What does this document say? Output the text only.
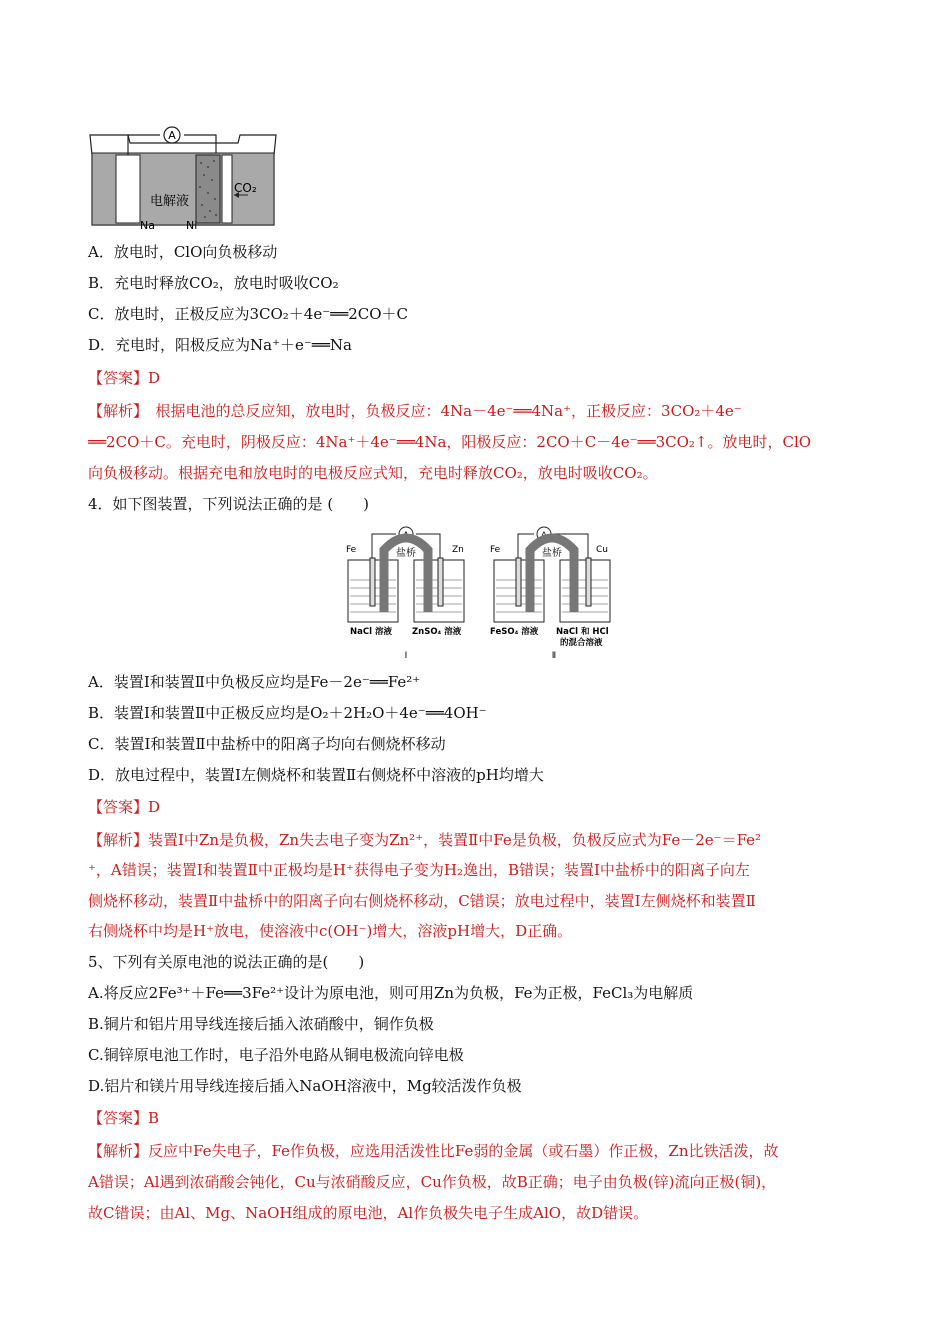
A
CO₂
电解液
Na	Ni
A．放电时，ClO向负极移动
B．充电时释放CO₂，放电时吸收CO₂
C．放电时，正极反应为3CO₂＋4e⁻══2CO＋C
D．充电时，阳极反应为Na⁺＋e⁻══Na
【答案】D
【解析】　根据电池的总反应知，放电时，负极反应：4Na－4e⁻══4Na⁺，正极反应：3CO₂＋4e⁻
══2CO＋C。充电时，阴极反应：4Na⁺＋4e⁻══4Na，阳极反应：2CO＋C－4e⁻══3CO₂↑。放电时，ClO
向负极移动。根据充电和放电时的电极反应式知，充电时释放CO₂，放电时吸收CO₂。
4．如下图装置，下列说法正确的是 (　　)
A
盐桥
Fe	Zn
NaCl 溶液 ZnSO₄ 溶液
Ⅰ
A
盐桥
Fe	Cu
FeSO₄ 溶液 NaCl 和 HCl
的混合溶液
Ⅱ
A．装置Ⅰ和装置Ⅱ中负极反应均是Fe－2e⁻══Fe²⁺
B．装置Ⅰ和装置Ⅱ中正极反应均是O₂＋2H₂O＋4e⁻══4OH⁻
C．装置Ⅰ和装置Ⅱ中盐桥中的阳离子均向右侧烧杯移动
D．放电过程中，装置Ⅰ左侧烧杯和装置Ⅱ右侧烧杯中溶液的pH均增大
【答案】D
【解析】装置Ⅰ中Zn是负极，Zn失去电子变为Zn²⁺，装置Ⅱ中Fe是负极，负极反应式为Fe－2e⁻＝Fe²
⁺，A错误；装置Ⅰ和装置Ⅱ中正极均是H⁺获得电子变为H₂逸出，B错误；装置Ⅰ中盐桥中的阳离子向左
侧烧杯移动，装置Ⅱ中盐桥中的阳离子向右侧烧杯移动，C错误；放电过程中，装置Ⅰ左侧烧杯和装置Ⅱ
右侧烧杯中均是H⁺放电，使溶液中c(OH⁻)增大，溶液pH增大，D正确。
5、下列有关原电池的说法正确的是(　　)
A.将反应2Fe³⁺＋Fe══3Fe²⁺设计为原电池，则可用Zn为负极，Fe为正极，FeCl₃为电解质
B.铜片和铝片用导线连接后插入浓硝酸中，铜作负极
C.铜锌原电池工作时，电子沿外电路从铜电极流向锌电极
D.铝片和镁片用导线连接后插入NaOH溶液中，Mg较活泼作负极
【答案】B
【解析】反应中Fe失电子，Fe作负极，应选用活泼性比Fe弱的金属（或石墨）作正极，Zn比铁活泼，故
A错误；Al遇到浓硝酸会钝化，Cu与浓硝酸反应，Cu作负极，故B正确；电子由负极(锌)流向正极(铜)，
故C错误；由Al、Mg、NaOH组成的原电池，Al作负极失电子生成AlO，故D错误。
